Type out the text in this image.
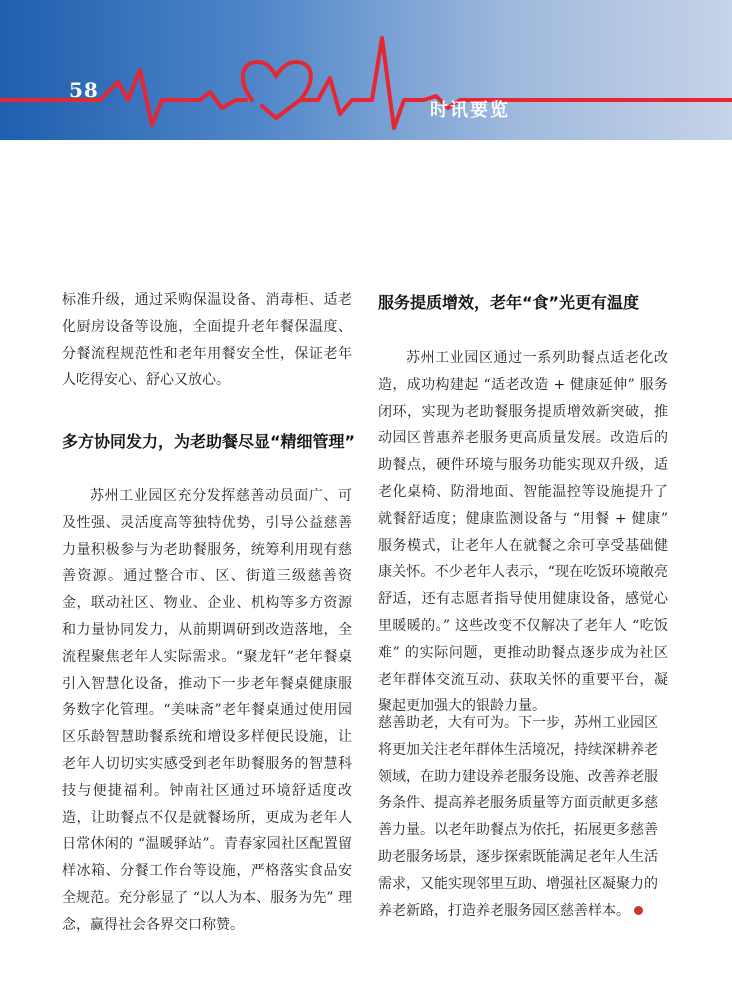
58
时讯要览

标准升级，通过采购保温设备、消毒柜、适老化厨房设备等设施，全面提升老年餐保温度、分餐流程规范性和老年用餐安全性，保证老年人吃得安心、舒心又放心。

多方协同发力，为老助餐尽显“精细管理”

苏州工业园区充分发挥慈善动员面广、可及性强、灵活度高等独特优势，引导公益慈善力量积极参与为老助餐服务，统筹利用现有慈善资源。通过整合市、区、街道三级慈善资金，联动社区、物业、企业、机构等多方资源和力量协同发力，从前期调研到改造落地，全流程聚焦老年人实际需求。“聚龙轩”老年餐桌引入智慧化设备，推动下一步老年餐桌健康服务数字化管理。“美味斋”老年餐桌通过使用园区乐龄智慧助餐系统和增设多样便民设施，让老年人切切实实感受到老年助餐服务的智慧科技与便捷福利。钟南社区通过环境舒适度改造，让助餐点不仅是就餐场所，更成为老年人日常休闲的 “温暖驿站”。青春家园社区配置留样冰箱、分餐工作台等设施，严格落实食品安全规范。充分彰显了 “以人为本、服务为先” 理念，赢得社会各界交口称赞。

服务提质增效，老年“食”光更有温度

苏州工业园区通过一系列助餐点适老化改造，成功构建起 “适老改造 + 健康延伸” 服务闭环，实现为老助餐服务提质增效新突破，推动园区普惠养老服务更高质量发展。改造后的助餐点，硬件环境与服务功能实现双升级，适老化桌椅、防滑地面、智能温控等设施提升了就餐舒适度；健康监测设备与 “用餐 + 健康” 服务模式，让老年人在就餐之余可享受基础健康关怀。不少老年人表示，“现在吃饭环境敞亮舒适，还有志愿者指导使用健康设备，感觉心里暖暖的。” 这些改变不仅解决了老年人 “吃饭难” 的实际问题，更推动助餐点逐步成为社区老年群体交流互动、获取关怀的重要平台，凝聚起更加强大的银龄力量。

慈善助老，大有可为。下一步，苏州工业园区将更加关注老年群体生活境况，持续深耕养老领域，在助力建设养老服务设施、改善养老服务条件、提高养老服务质量等方面贡献更多慈善力量。以老年助餐点为依托，拓展更多慈善助老服务场景，逐步探索既能满足老年人生活需求，又能实现邻里互助、增强社区凝聚力的养老新路，打造养老服务园区慈善样本。
